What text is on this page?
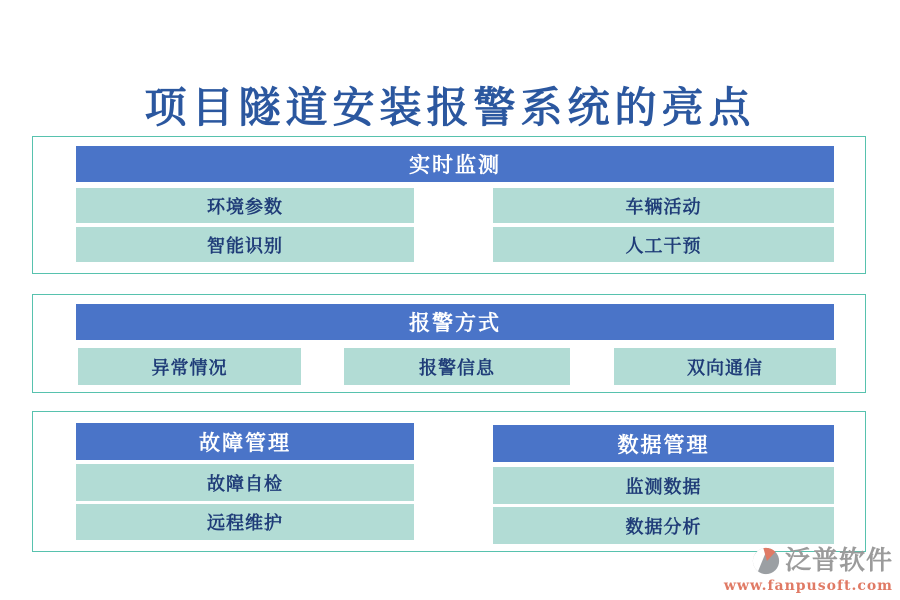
项目隧道安装报警系统的亮点
实时监测
环境参数	车辆活动
智能识别	人工干预
报警方式
异常情况	报警信息	双向通信
故障管理
故障自检
远程维护
数据管理
监测数据
数据分析
泛普软件
www.fanpusoft.com
